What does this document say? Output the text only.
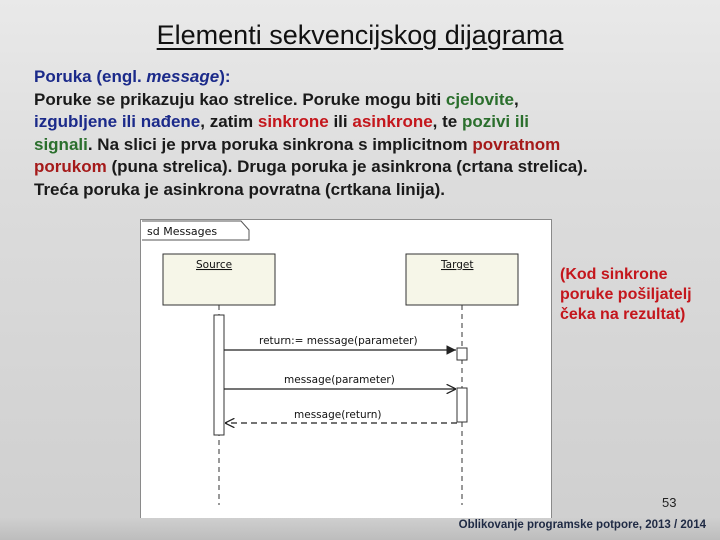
Elementi sekvencijskog dijagrama
Poruka (engl. message):
Poruke se prikazuju kao strelice. Poruke mogu biti cjelovite,
izgubljene ili nađene, zatim sinkrone ili asinkrone, te pozivi ili
signali. Na slici je prva poruka sinkrona s implicitnom povratnom
porukom (puna strelica). Druga poruka je asinkrona (crtana strelica).
Treća poruka je asinkrona povratna (crtkana linija).
sd Messages
Source	Target
return:= message(parameter)
message(parameter)
message(return)
(Kod sinkrone poruke pošiljatelj čeka na rezultat)
53
Oblikovanje programske potpore, 2013 / 2014
